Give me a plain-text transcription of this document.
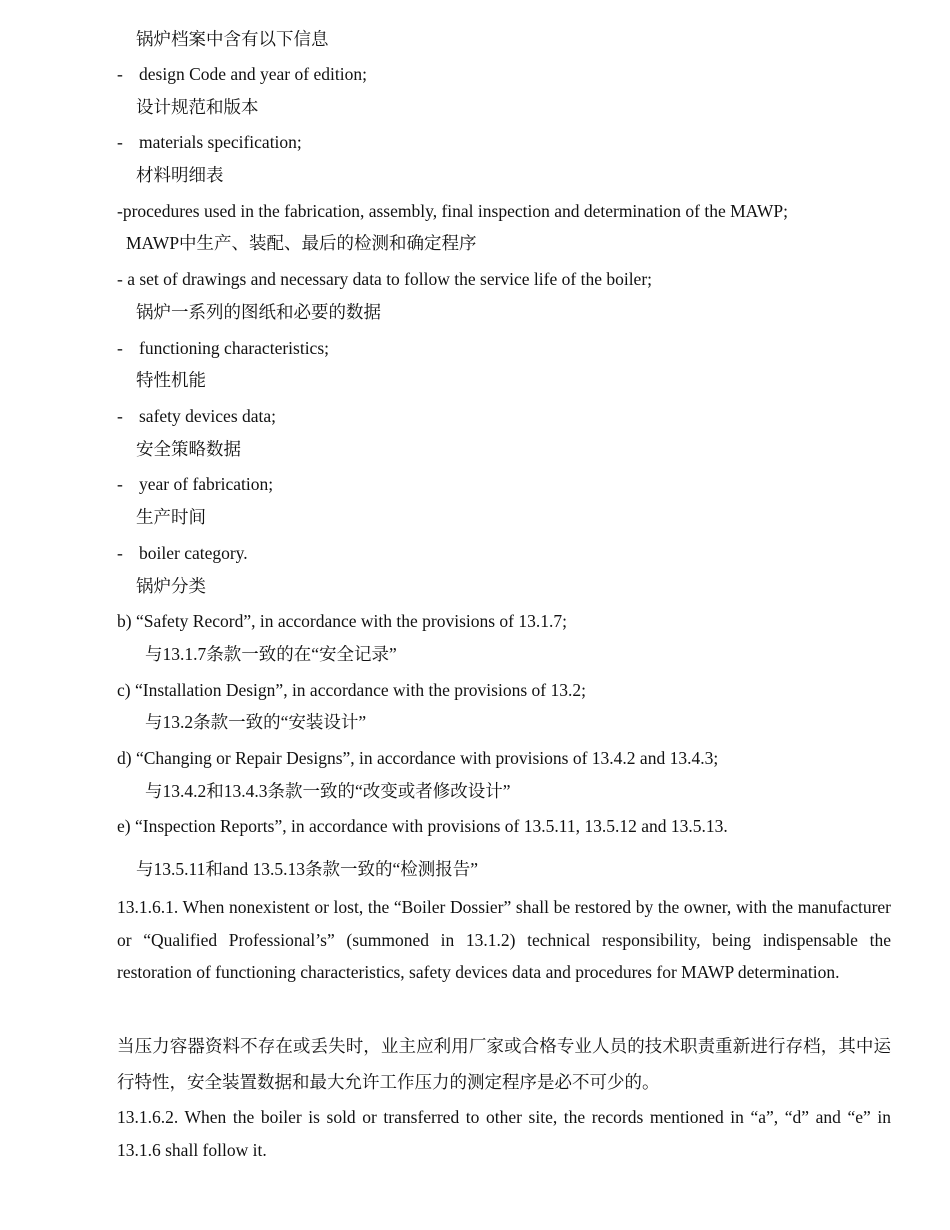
锅炉档案中含有以下信息

- design Code and year of edition;

设计规范和版本

- materials specification;

材料明细表

-procedures used in the fabrication, assembly, final inspection and determination of the MAWP;

MAWP中生产、装配、最后的检测和确定程序

- a set of drawings and necessary data to follow the service life of the boiler;

锅炉一系列的图纸和必要的数据

- functioning characteristics;

特性机能

- safety devices data;

安全策略数据

- year of fabrication;

生产时间

- boiler category.

锅炉分类

b) “Safety Record”, in accordance with the provisions of 13.1.7;

与13.1.7条款一致的在“安全记录”

c) “Installation Design”, in accordance with the provisions of 13.2;

与13.2条款一致的“安装设计”

d) “Changing or Repair Designs”, in accordance with provisions of 13.4.2 and 13.4.3;

与13.4.2和13.4.3条款一致的“改变或者修改设计”

e) “Inspection Reports”, in accordance with provisions of 13.5.11, 13.5.12 and 13.5.13.

与13.5.11和and 13.5.13条款一致的“检测报告”

13.1.6.1. When nonexistent or lost, the “Boiler Dossier” shall be restored by the owner, with the manufacturer or “Qualified Professional’s” (summoned in 13.1.2) technical responsibility, being indispensable the restoration of functioning characteristics, safety devices data and procedures for MAWP determination.

当压力容器资料不存在或丢失时，业主应利用厂家或合格专业人员的技术职责重新进行存档，其中运行特性，安全装置数据和最大允许工作压力的测定程序是必不可少的。

13.1.6.2. When the boiler is sold or transferred to other site, the records mentioned in “a”, “d” and “e” in 13.1.6 shall follow it.
